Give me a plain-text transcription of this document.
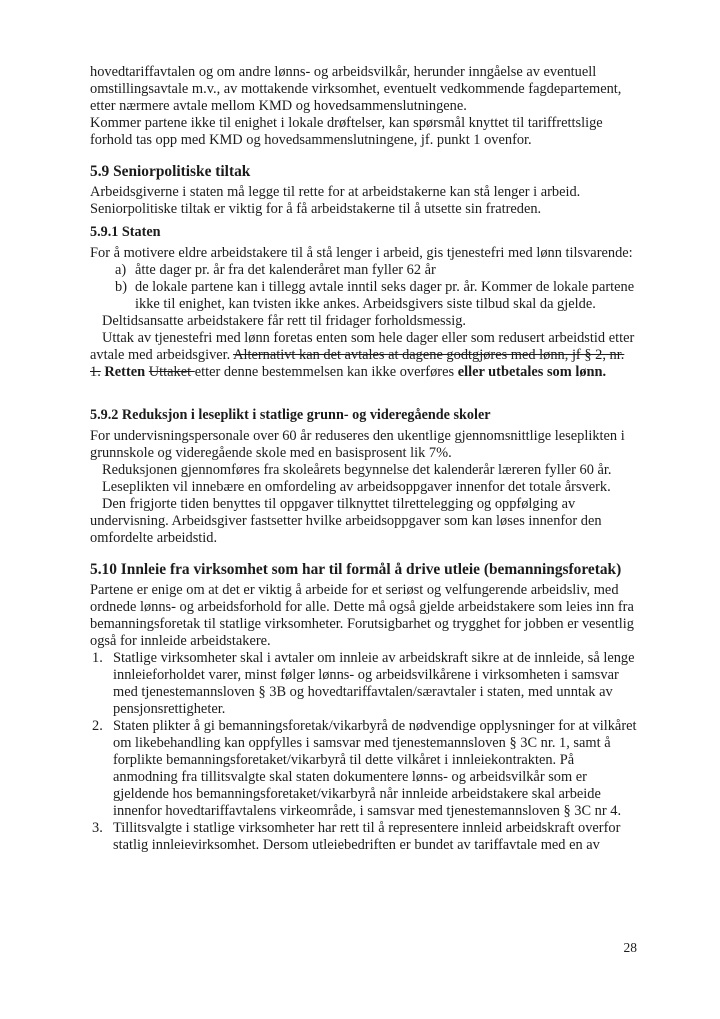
hovedtariffavtalen og om andre lønns- og arbeidsvilkår, herunder inngåelse av eventuell omstillingsavtale m.v., av mottakende virksomhet, eventuelt vedkommende fagdepartement, etter nærmere avtale mellom KMD og hovedsammenslutningene.

Kommer partene ikke til enighet i lokale drøftelser, kan spørsmål knyttet til tariffrettslige forhold tas opp med KMD og hovedsammenslutningene, jf. punkt 1 ovenfor.

5.9 Seniorpolitiske tiltak

Arbeidsgiverne i staten må legge til rette for at arbeidstakerne kan stå lenger i arbeid. Seniorpolitiske tiltak er viktig for å få arbeidstakerne til å utsette sin fratreden.

5.9.1 Staten

For å motivere eldre arbeidstakere til å stå lenger i arbeid, gis tjenestefri med lønn tilsvarende:

a) åtte dager pr. år fra det kalenderåret man fyller 62 år
b) de lokale partene kan i tillegg avtale inntil seks dager pr. år. Kommer de lokale partene ikke til enighet, kan tvisten ikke ankes. Arbeidsgivers siste tilbud skal da gjelde.

Deltidsansatte arbeidstakere får rett til fridager forholdsmessig.

Uttak av tjenestefri med lønn foretas enten som hele dager eller som redusert arbeidstid etter avtale med arbeidsgiver. Alternativt kan det avtales at dagene godtgjøres med lønn, jf § 2, nr. 1. Retten Uttaket etter denne bestemmelsen kan ikke overføres eller utbetales som lønn.

5.9.2 Reduksjon i leseplikt i statlige grunn- og videregående skoler

For undervisningspersonale over 60 år reduseres den ukentlige gjennomsnittlige leseplikten i grunnskole og videregående skole med en basisprosent lik 7%.

Reduksjonen gjennomføres fra skoleårets begynnelse det kalenderår læreren fyller 60 år.

Leseplikten vil innebære en omfordeling av arbeidsoppgaver innenfor det totale årsverk.

Den frigjorte tiden benyttes til oppgaver tilknyttet tilrettelegging og oppfølging av undervisning. Arbeidsgiver fastsetter hvilke arbeidsoppgaver som kan løses innenfor den omfordelte arbeidstid.

5.10 Innleie fra virksomhet som har til formål å drive utleie (bemanningsforetak)

Partene er enige om at det er viktig å arbeide for et seriøst og velfungerende arbeidsliv, med ordnede lønns- og arbeidsforhold for alle. Dette må også gjelde arbeidstakere som leies inn fra bemanningsforetak til statlige virksomheter. Forutsigbarhet og trygghet for jobben er vesentlig også for innleide arbeidstakere.

1. Statlige virksomheter skal i avtaler om innleie av arbeidskraft sikre at de innleide, så lenge innleieforholdet varer, minst følger lønns- og arbeidsvilkårene i virksomheten i samsvar med tjenestemannsloven § 3B og hovedtariffavtalen/særavtaler i staten, med unntak av pensjonsrettigheter.
2. Staten plikter å gi bemanningsforetak/vikarbyrå de nødvendige opplysninger for at vilkåret om likebehandling kan oppfylles i samsvar med tjenestemannsloven § 3C nr. 1, samt å forplikte bemanningsforetaket/vikarbyrå til dette vilkåret i innleiekontrakten. På anmodning fra tillitsvalgte skal staten dokumentere lønns- og arbeidsvilkår som er gjeldende hos bemanningsforetaket/vikarbyrå når innleide arbeidstakere skal arbeide innenfor hovedtariffavtalens virkeområde, i samsvar med tjenestemannsloven § 3C nr 4.
3. Tillitsvalgte i statlige virksomheter har rett til å representere innleid arbeidskraft overfor statlig innleievirksomhet. Dersom utleiebedriften er bundet av tariffavtale med en av
28
